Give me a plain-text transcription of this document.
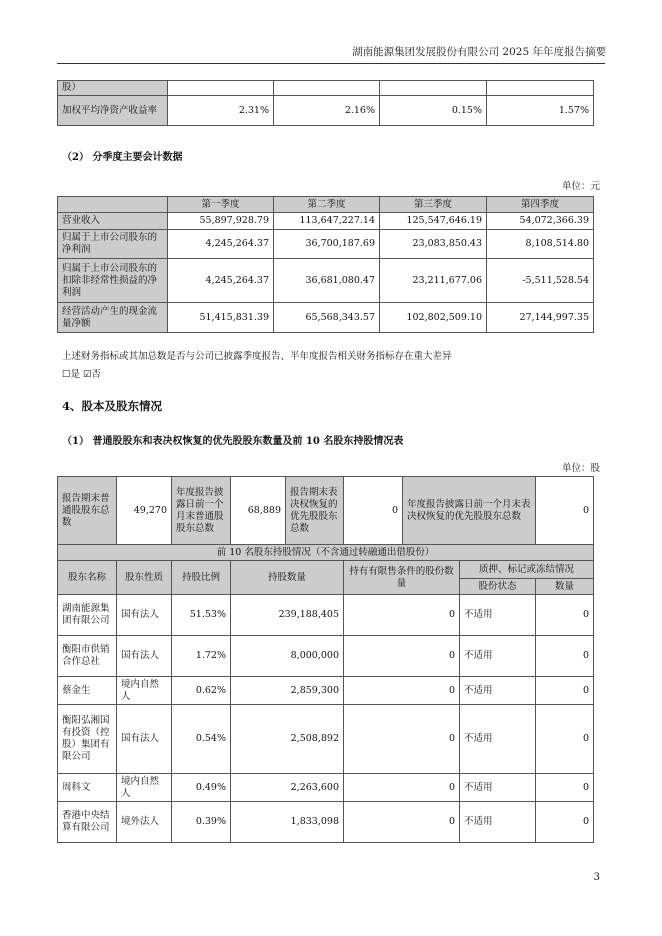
湖南能源集团发展股份有限公司 2025 年年度报告摘要
股）				
加权平均净资产收益率	2.31%	2.16%	0.15%	1.57%
（2） 分季度主要会计数据
单位：元
	第一季度	第二季度	第三季度	第四季度
营业收入	55,897,928.79	113,647,227.14	125,547,646.19	54,072,366.39
归属于上市公司股东的净利润	4,245,264.37	36,700,187.69	23,083,850.43	8,108,514.80
归属于上市公司股东的扣除非经常性损益的净利润	4,245,264.37	36,681,080.47	23,211,677.06	-5,511,528.54
经营活动产生的现金流量净额	51,415,831.39	65,568,343.57	102,802,509.10	27,144,997.35
上述财务指标或其加总数是否与公司已披露季度报告、半年度报告相关财务指标存在重大差异
☐是 ☑否
4、股本及股东情况
（1） 普通股股东和表决权恢复的优先股股东数量及前 10 名股东持股情况表
单位：股
报告期末普通股股东总数	49,270	年度报告披露日前一个月末普通股股东总数	68,889	报告期末表决权恢复的优先股股东总数	0	年度报告披露日前一个月末表决权恢复的优先股股东总数		0
前 10 名股东持股情况（不含通过转融通出借股份）								
股东名称	股东性质	持股比例	持股数量		持有有限售条件的股份数量		质押、标记或冻结情况	
							股份状态	数量
湖南能源集团有限公司	国有法人	51.53%	239,188,405		0		不适用	0
衡阳市供销合作总社	国有法人	1.72%	8,000,000		0		不适用	0
蔡金生	境内自然人	0.62%	2,859,300		0		不适用	0
衡阳弘湘国有投资（控股）集团有限公司	国有法人	0.54%	2,508,892		0		不适用	0
周科文	境内自然人	0.49%	2,263,600		0		不适用	0
香港中央结算有限公司	境外法人	0.39%	1,833,098		0		不适用	0
3
